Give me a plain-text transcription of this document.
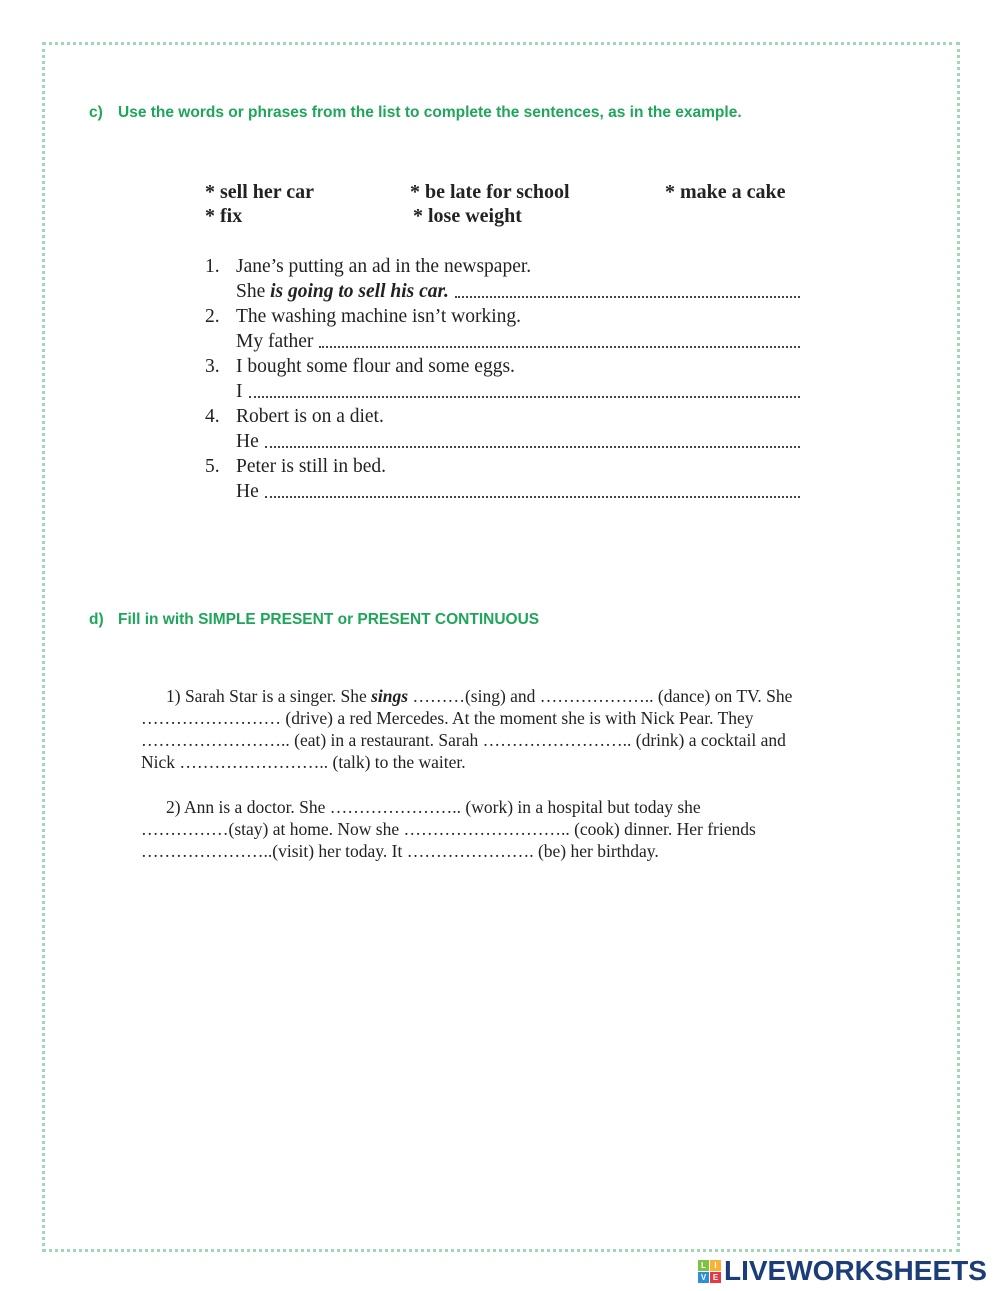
c) Use the words or phrases from the list to complete the sentences, as in the example.
* sell her car	* be late for school	* make a cake
* fix	* lose weight
1. Jane’s putting an ad in the newspaper.
She
is going to sell his car.
2. The washing machine isn’t working.
My father
3. I bought some flour and some eggs.
I
4. Robert is on a diet.
He
5. Peter is still in bed.
He
d) Fill in with SIMPLE PRESENT or PRESENT CONTINUOUS
1) Sarah Star is a singer. She sings ………(sing) and ……………….. (dance) on TV. She
…………………… (drive) a red Mercedes. At the moment she is with Nick Pear. They
…………………….. (eat) in a restaurant. Sarah …………………….. (drink) a cocktail and
Nick …………………….. (talk) to the waiter.
2) Ann is a doctor. She ………………….. (work) in a hospital but today she
……………(stay) at home. Now she ……………………….. (cook) dinner. Her friends
…………………..(visit) her today. It …………………. (be) her birthday.
L	I
V E LIVEWORKSHEETS
